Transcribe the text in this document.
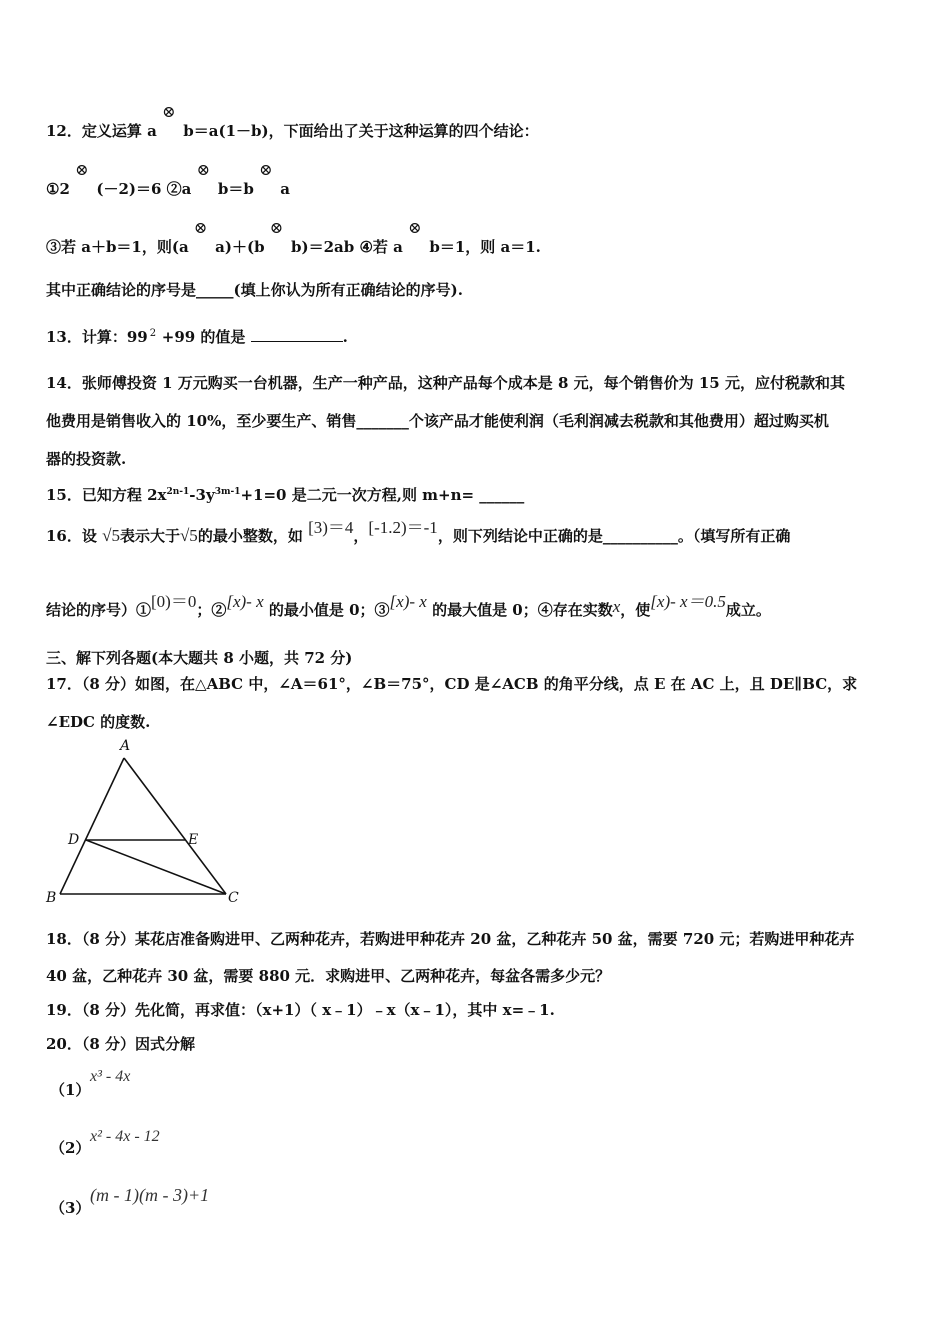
12．定义运算 a
⊗
b＝a(1－b)，下面给出了关于这种运算的四个结论：
①2
⊗
(－2)＝6 ②a
⊗
b＝b
⊗
a
③若 a＋b＝1，则(a
⊗
a)＋(b
⊗
b)＝2ab ④若 a
⊗
b＝1，则 a＝1.
其中正确结论的序号是_____(填上你认为所有正确结论的序号).
13．计算：99 2 +99 的值是	.
14．张师傅投资 1 万元购买一台机器，生产一种产品，这种产品每个成本是 8 元，每个销售价为 15 元，应付税款和其
他费用是销售收入的 10%，至少要生产、销售_______个该产品才能使利润（毛利润减去税款和其他费用）超过购买机
器的投资款.
15．已知方程 $2x^{2n-1}-3y^{3m-1}+1=0$ 是二元一次方程,则 m+n= ______
16．设 √5表示大于√5的最小整数，如 [3)＝4，[-1.2)＝-1，则下列结论中正确的是__________。（填写所有正确
结论的序号）①[0)＝0；②[x)- x 的最小值是 0；③[x)- x 的最大值是 0；④存在实数x，使[x)- x＝0.5成立。
三、解下列各题(本大题共 8 小题，共 72 分)
17．（8 分）如图，在△ABC 中，∠A＝61°，∠B＝75°，CD 是∠ACB 的角平分线，点 E 在 AC 上，且 DE∥BC，求
∠EDC 的度数.
A
D	E
B	C
18．（8 分）某花店准备购进甲、乙两种花卉，若购进甲种花卉 20 盆，乙种花卉 50 盆，需要 720 元；若购进甲种花卉
40 盆，乙种花卉 30 盆，需要 880 元．求购进甲、乙两种花卉，每盆各需多少元？
19．（8 分）先化简，再求值：（x+1）（ x﹣1）﹣x（x﹣1），其中 x=﹣1.
20．（8 分）因式分解
（1）
x³ - 4x
（2）
x² - 4x - 12
（3）
(m - 1)(m - 3)+1
